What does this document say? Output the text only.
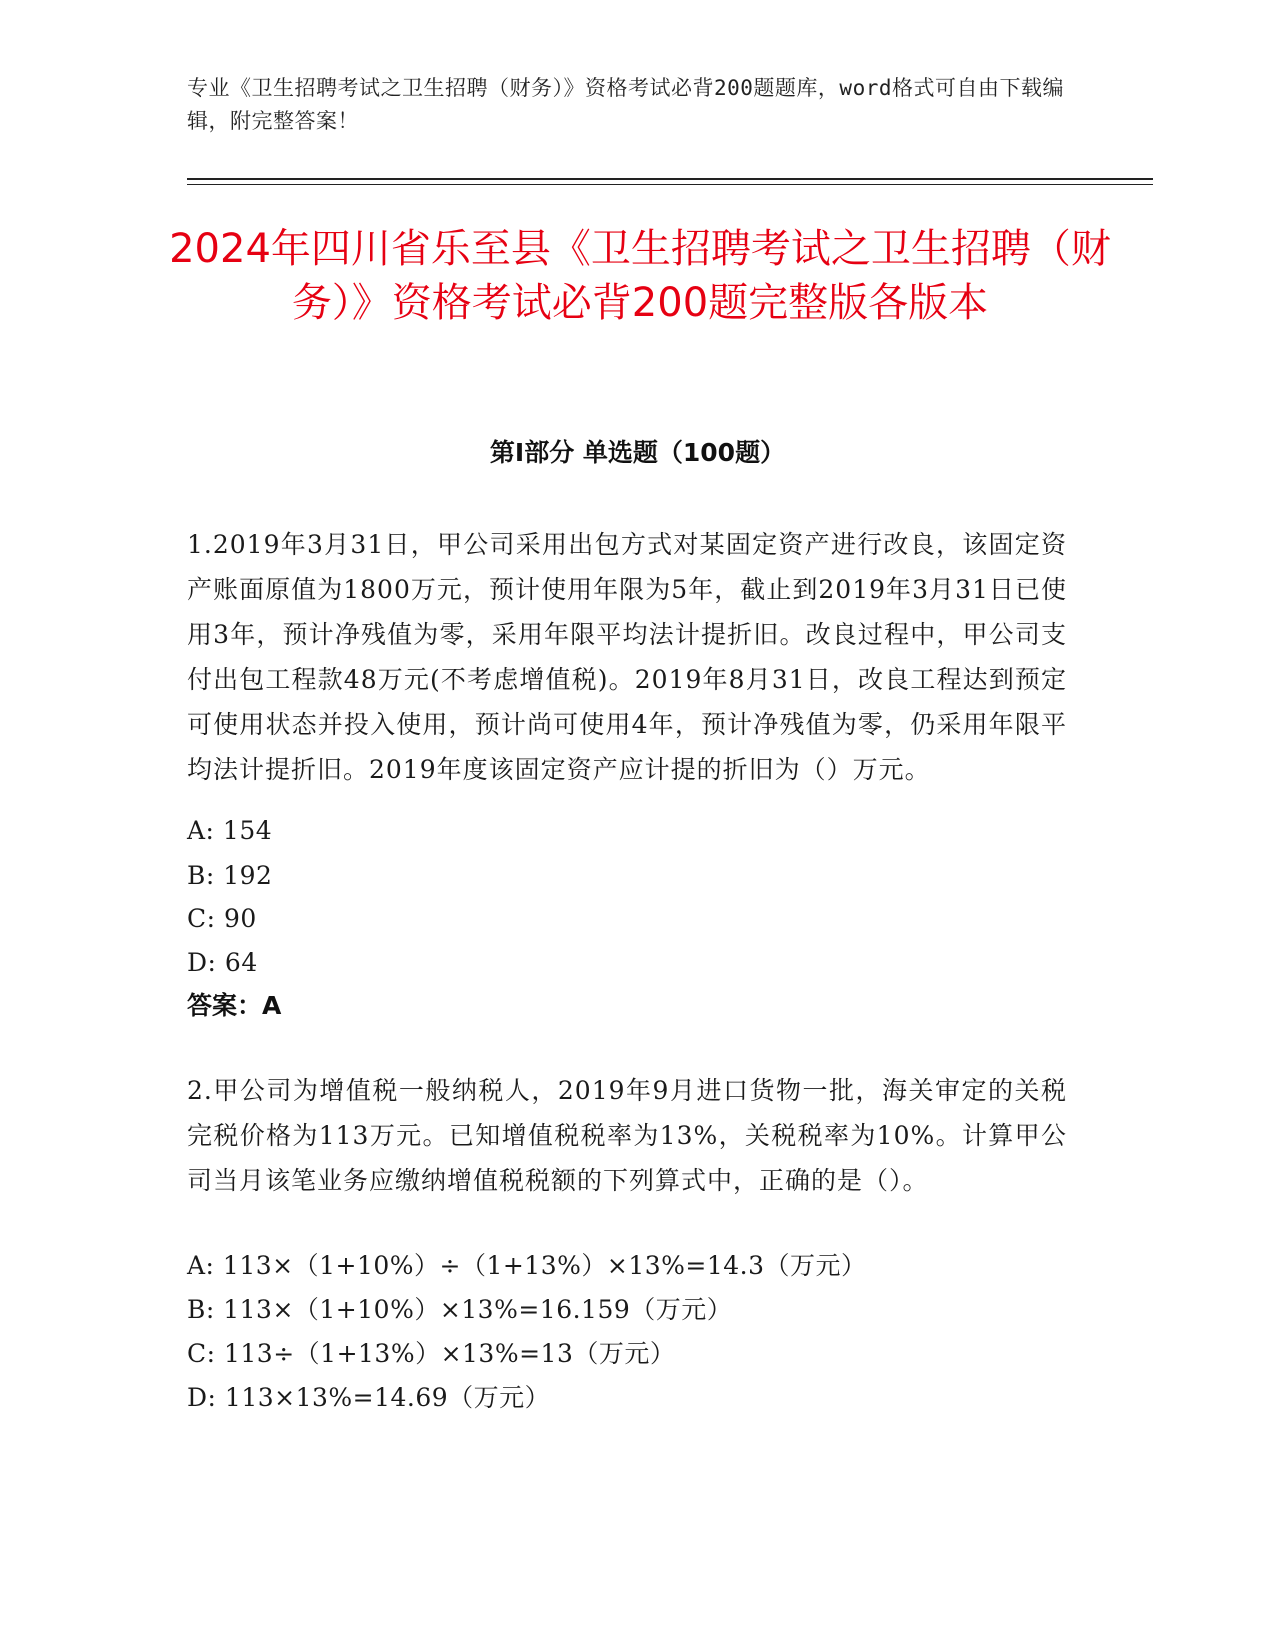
专业《卫生招聘考试之卫生招聘（财务）》资格考试必背200题题库，word格式可自由下载编辑，附完整答案！
2024年四川省乐至县《卫生招聘考试之卫生招聘（财务）》资格考试必背200题完整版各版本
第I部分 单选题（100题）
1.2019年3月31日，甲公司采用出包方式对某固定资产进行改良，该固定资产账面原值为1800万元，预计使用年限为5年，截止到2019年3月31日已使用3年，预计净残值为零，采用年限平均法计提折旧。改良过程中，甲公司支付出包工程款48万元(不考虑增值税)。2019年8月31日，改良工程达到预定可使用状态并投入使用，预计尚可使用4年，预计净残值为零，仍采用年限平均法计提折旧。2019年度该固定资产应计提的折旧为（）万元。
A: 154
B: 192
C: 90
D: 64
答案：A
2.甲公司为增值税一般纳税人，2019年9月进口货物一批，海关审定的关税完税价格为113万元。已知增值税税率为13%，关税税率为10%。计算甲公司当月该笔业务应缴纳增值税税额的下列算式中，正确的是（）。
A: 113×（1+10%）÷（1+13%）×13%=14.3（万元）
B: 113×（1+10%）×13%=16.159（万元）
C: 113÷（1+13%）×13%=13（万元）
D: 113×13%=14.69（万元）
